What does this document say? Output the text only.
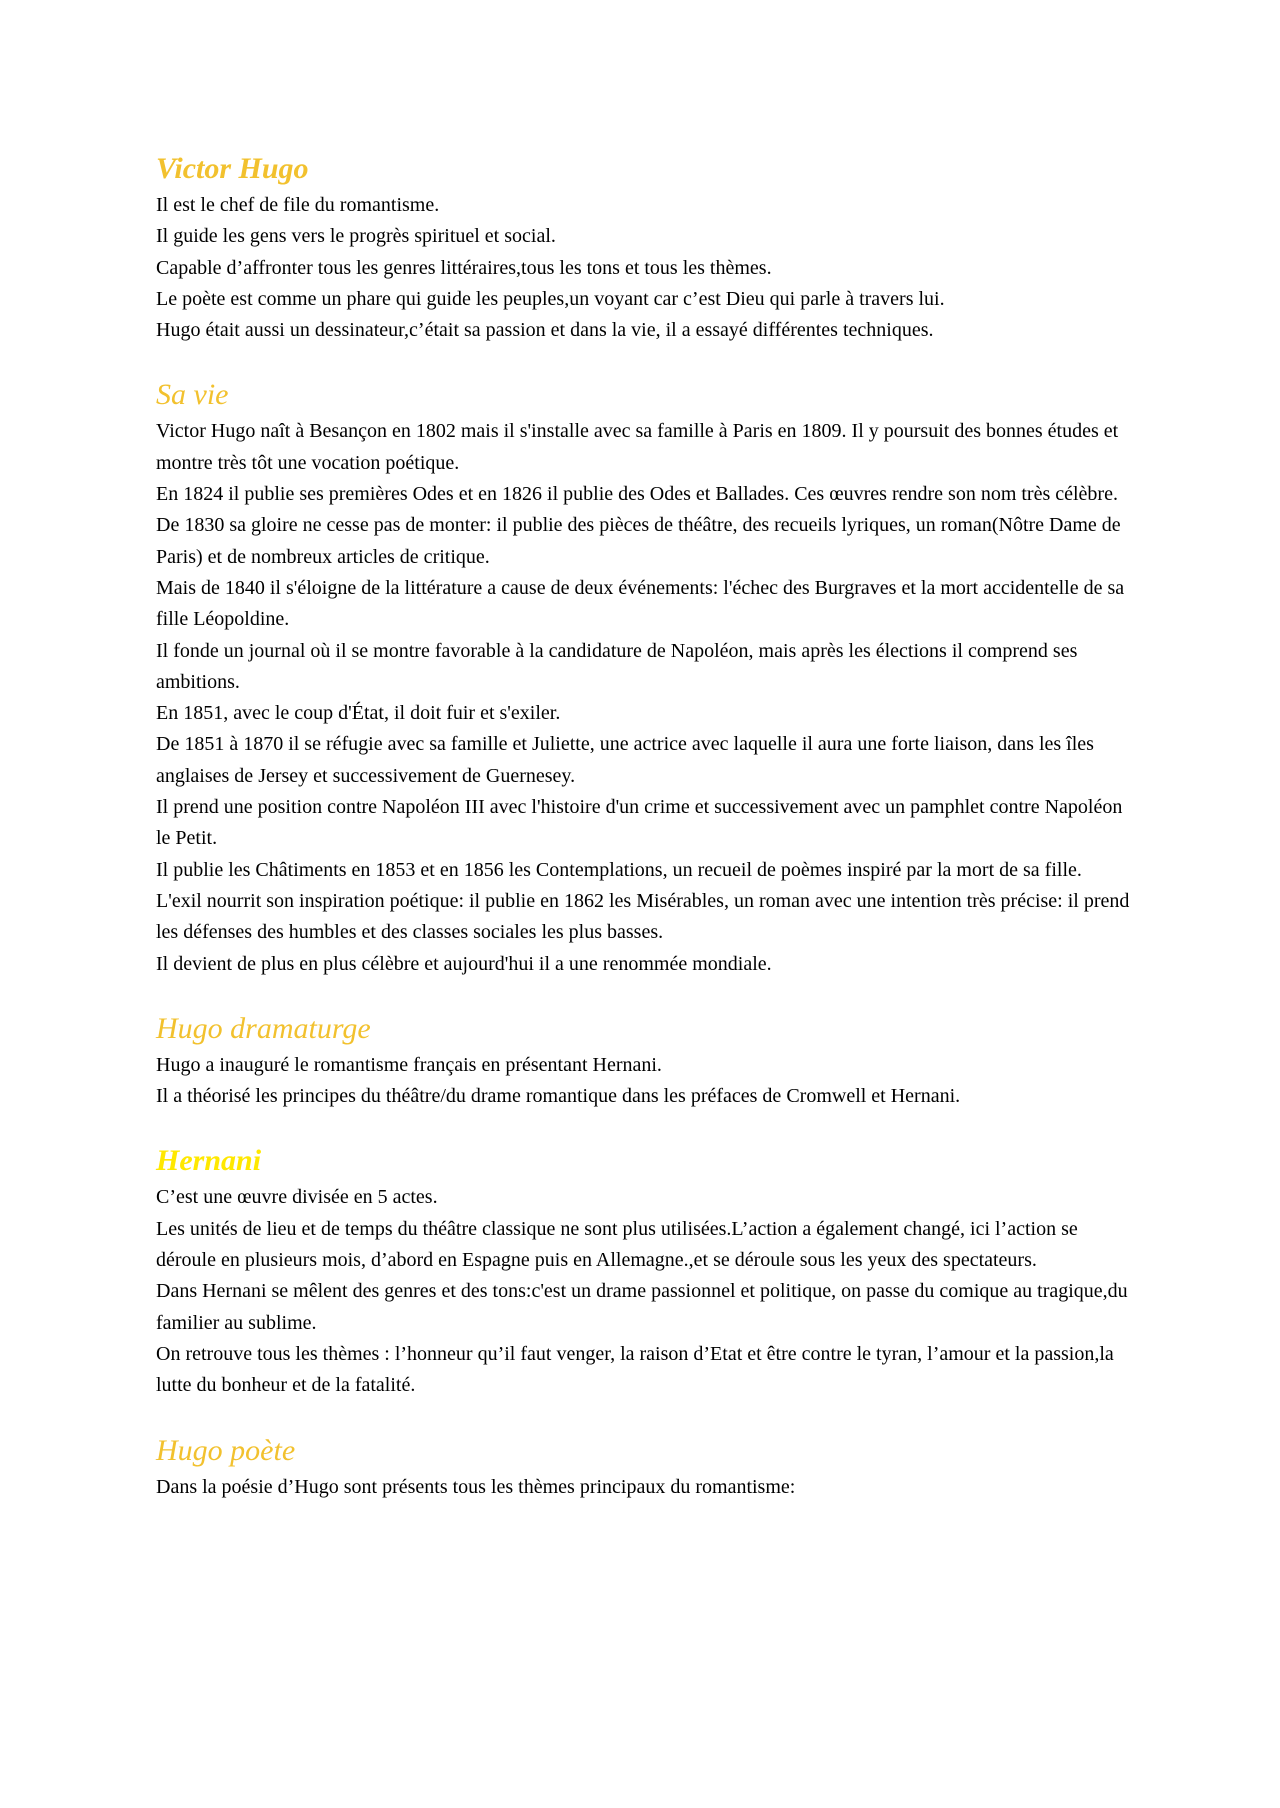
Victor Hugo

Il est le chef de file du romantisme.

Il guide les gens vers le progrès spirituel et social.

Capable d’affronter tous les genres littéraires,tous les tons et tous les thèmes.

Le poète est comme un phare qui guide les peuples,un voyant car c’est Dieu qui parle à travers lui.

Hugo était aussi un dessinateur,c’était sa passion et dans la vie, il a essayé différentes techniques.

Sa vie

Victor Hugo naît à Besançon en 1802 mais il s'installe avec sa famille à Paris en 1809. Il y poursuit des bonnes études et montre très tôt une vocation poétique.

En 1824 il publie ses premières Odes et en 1826 il publie des Odes et Ballades. Ces œuvres rendre son nom très célèbre.

De 1830 sa gloire ne cesse pas de monter: il publie des pièces de théâtre, des recueils lyriques, un roman(Nôtre Dame de Paris) et de nombreux articles de critique.

Mais de 1840 il s'éloigne de la littérature a cause de deux événements: l'échec des Burgraves et la mort accidentelle de sa fille Léopoldine.

Il fonde un journal où il se montre favorable à la candidature de Napoléon, mais après les élections il comprend ses ambitions.

En 1851, avec le coup d'État, il doit fuir et s'exiler.

De 1851 à 1870 il se réfugie avec sa famille et Juliette, une actrice avec laquelle il aura une forte liaison, dans les îles anglaises de Jersey et successivement de Guernesey.

Il prend une position contre Napoléon III avec l'histoire d'un crime et successivement avec un pamphlet contre Napoléon le Petit.

Il publie les Châtiments en 1853 et en 1856 les Contemplations, un recueil de poèmes inspiré par la mort de sa fille.

L'exil nourrit son inspiration poétique: il publie en 1862 les Misérables, un roman avec une intention très précise: il prend les défenses des humbles et des classes sociales les plus basses.

Il devient de plus en plus célèbre et aujourd'hui il a une renommée mondiale.

Hugo dramaturge

Hugo a inauguré le romantisme français en présentant Hernani.

Il a théorisé les principes du théâtre/du drame romantique dans les préfaces de Cromwell et Hernani.

Hernani

C’est une œuvre divisée en 5 actes.

Les unités de lieu et de temps du théâtre classique ne sont plus utilisées.L’action a également changé, ici l’action se déroule en plusieurs mois, d’abord en Espagne puis en Allemagne.,et se déroule sous les yeux des spectateurs.

Dans Hernani se mêlent des genres et des tons:c'est un drame passionnel et politique, on passe du comique au tragique,du familier au sublime.

On retrouve tous les thèmes : l’honneur qu’il faut venger, la raison d’Etat et être contre le tyran, l’amour et la passion,la lutte du bonheur et de la fatalité.

Hugo poète

Dans la poésie d’Hugo sont présents tous les thèmes principaux du romantisme:
